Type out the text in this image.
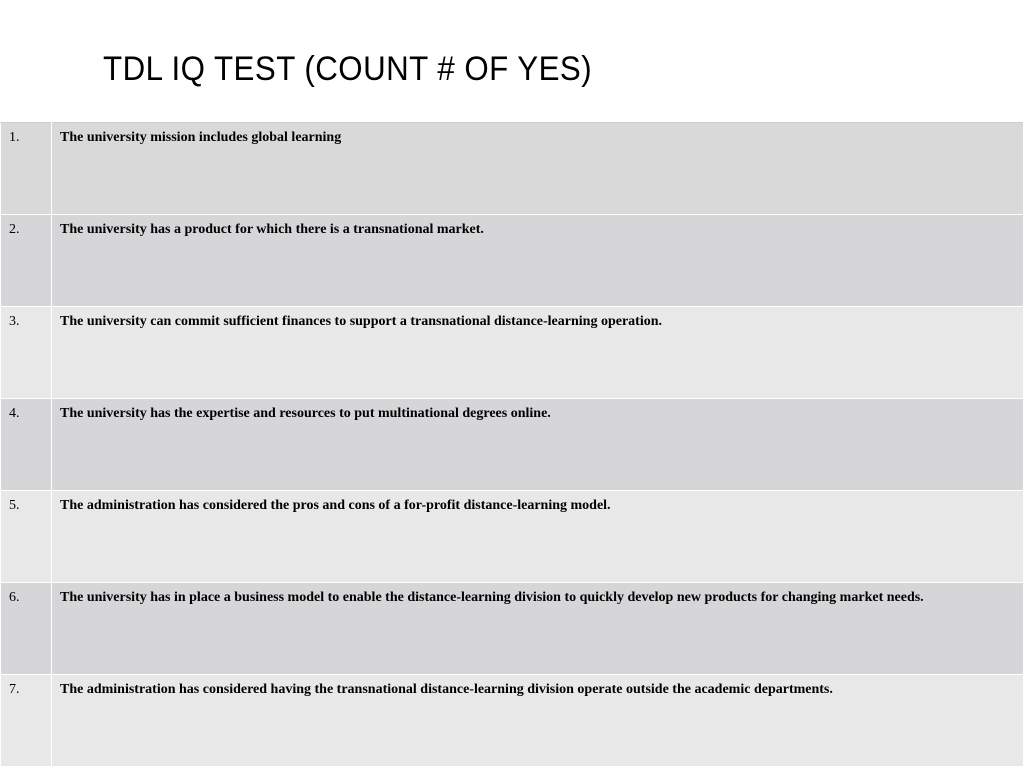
TDL IQ TEST (COUNT # OF YES)
1.	The university mission includes global learning
2.	The university has a product for which there is a transnational market.
3.	The university can commit sufficient finances to support a transnational distance-learning operation.
4.	The university has the expertise and resources to put multinational degrees online.
5.	The administration has considered the pros and cons of a for-profit distance-learning model.
6.	The university has in place a business model to enable the distance-learning division to quickly develop new products for changing market needs.
7.	The administration has considered having the transnational distance-learning division operate outside the academic departments.
